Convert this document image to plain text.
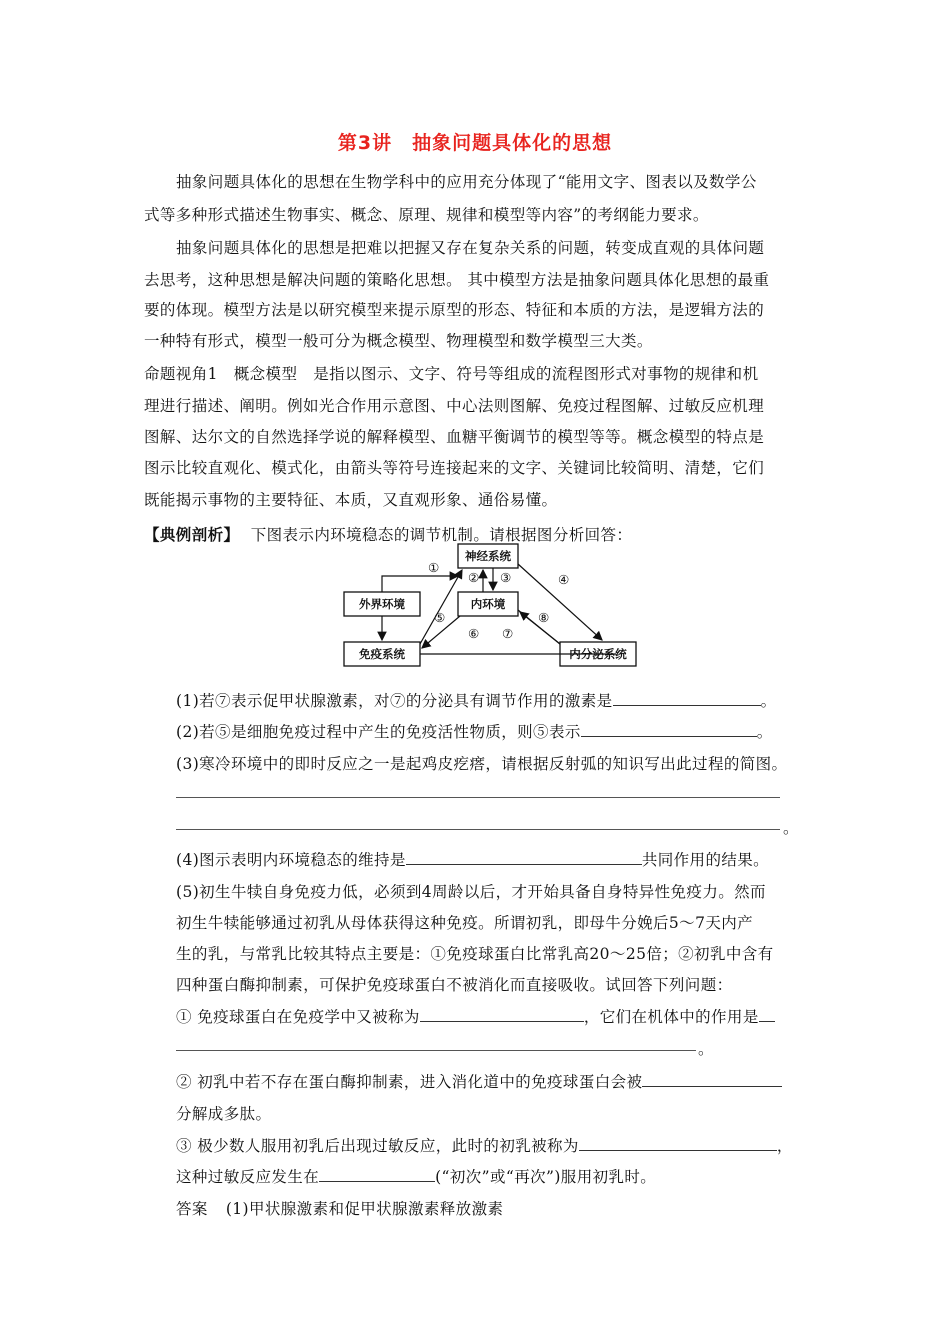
第3讲　抽象问题具体化的思想
抽象问题具体化的思想在生物学科中的应用充分体现了“能用文字、图表以及数学公
式等多种形式描述生物事实、概念、原理、规律和模型等内容”的考纲能力要求。
抽象问题具体化的思想是把难以把握又存在复杂关系的问题，转变成直观的具体问题
去思考，这种思想是解决问题的策略化思想。 其中模型方法是抽象问题具体化思想的最重
要的体现。模型方法是以研究模型来提示原型的形态、特征和本质的方法，是逻辑方法的
一种特有形式，模型一般可分为概念模型、物理模型和数学模型三大类。
命题视角1　概念模型　是指以图示、文字、符号等组成的流程图形式对事物的规律和机
理进行描述、阐明。例如光合作用示意图、中心法则图解、免疫过程图解、过敏反应机理
图解、达尔文的自然选择学说的解释模型、血糖平衡调节的模型等等。概念模型的特点是
图示比较直观化、模式化，由箭头等符号连接起来的文字、关键词比较简明、清楚，它们
既能揭示事物的主要特征、本质，又直观形象、通俗易懂。
【典例剖析】 下图表示内环境稳态的调节机制。请根据图分析回答：
神经系统
外界环境	内环境
免疫系统	内分泌系统
①
② ③	④
⑤
⑥ ⑦
⑧
(1)若⑦表示促甲状腺激素，对⑦的分泌具有调节作用的激素是	。
(2)若⑤是细胞免疫过程中产生的免疫活性物质，则⑤表示	。
(3)寒冷环境中的即时反应之一是起鸡皮疙瘩，请根据反射弧的知识写出此过程的简图。
。
(4)图示表明内环境稳态的维持是	共同作用的结果。
(5)初生牛犊自身免疫力低，必须到4周龄以后，才开始具备自身特异性免疫力。然而
初生牛犊能够通过初乳从母体获得这种免疫。所谓初乳，即母牛分娩后5～7天内产
生的乳，与常乳比较其特点主要是：①免疫球蛋白比常乳高20～25倍；②初乳中含有
四种蛋白酶抑制素，可保护免疫球蛋白不被消化而直接吸收。试回答下列问题：
① 免疫球蛋白在免疫学中又被称为	，它们在机体中的作用是
。
② 初乳中若不存在蛋白酶抑制素，进入消化道中的免疫球蛋白会被
分解成多肽。
③ 极少数人服用初乳后出现过敏反应，此时的初乳被称为	，
这种过敏反应发生在	(“初次”或“再次”)服用初乳时。
答案 (1)甲状腺激素和促甲状腺激素释放激素
